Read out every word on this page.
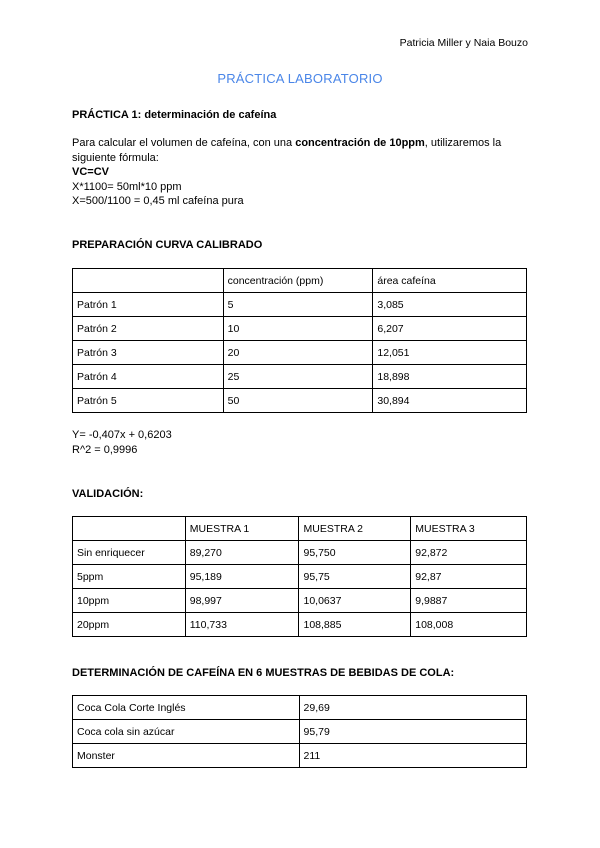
Patricia Miller y Naia Bouzo
PRÁCTICA LABORATORIO
PRÁCTICA 1: determinación de cafeína
Para calcular el volumen de cafeína, con una concentración de 10ppm, utilizaremos la siguiente fórmula:
VC=CV
X*1100= 50ml*10 ppm
X=500/1100 = 0,45 ml cafeína pura
PREPARACIÓN CURVA CALIBRADO
	concentración (ppm)	área cafeína
Patrón 1	5	3,085
Patrón 2	10	6,207
Patrón 3	20	12,051
Patrón 4	25	18,898
Patrón 5	50	30,894
Y= -0,407x + 0,6203
R^2 = 0,9996
VALIDACIÓN:
	MUESTRA 1	MUESTRA 2	MUESTRA 3
Sin enriquecer	89,270	95,750	92,872
5ppm	95,189	95,75	92,87
10ppm	98,997	10,0637	9,9887
20ppm	110,733	108,885	108,008
DETERMINACIÓN DE CAFEÍNA EN 6 MUESTRAS DE BEBIDAS DE COLA:
Coca Cola Corte Inglés	29,69
Coca cola sin azúcar	95,79
Monster	211
